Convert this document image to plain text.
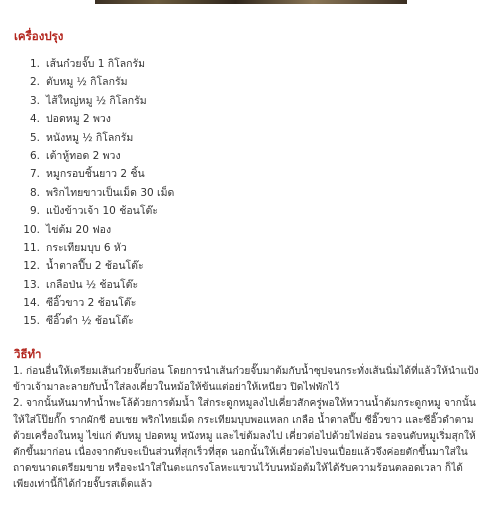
เครื่องปรุง
1. เส้นก๋วยจั๊บ 1 กิโลกรัม
2. ตับหมู ½ กิโลกรัม
3. ไส้ใหญ่หมู ½ กิโลกรัม
4. ปอดหมู 2 พวง
5. หนังหมู ½ กิโลกรัม
6. เต้าหู้ทอด 2 พวง
7. หมูกรอบชิ้นยาว 2 ชิ้น
8. พริกไทยขาวเป็นเม็ด 30 เม็ด
9. แป้งข้าวเจ้า 10 ช้อนโต๊ะ
10. ไข่ต้ม 20 ฟอง
11. กระเทียมบุบ 6 หัว
12. น้ำตาลปี๊บ 2 ช้อนโต๊ะ
13. เกลือป่น ½ ช้อนโต๊ะ
14. ซีอิ๊วขาว 2 ช้อนโต๊ะ
15. ซีอิ๊วดำ ½ ช้อนโต๊ะ
วิธีทำ

1. ก่อนอื่นให้เตรียมเส้นก๋วยจั๊บก่อน โดยการนำเส้นก๋วยจั๊บมาต้มกับน้ำซุปจนกระทั่งเส้นนิ่มได้ที่แล้วให้นำแป้งข้าวเจ้ามาละลายกับน้ำใส่ลงเคี่ยวในหม้อให้ข้นแต่อย่าให้เหนียว ปิดไฟพักไว้

2. จากนั้นหันมาทำน้ำพะโล้ด้วยการต้มน้ำ ใส่กระดูกหมูลงไปเคี่ยวสักครู่พอให้หวานน้ำต้มกระดูกหมู จากนั้นให้ใส่โป๊ยกั๊ก รากผักชี อบเชย พริกไทยเม็ด กระเทียมบุบพอแหลก เกลือ น้ำตาลปี๊บ ซีอิ๊วขาว และซีอิ๊วดำตามด้วยเครื่องในหมู ไข่แก่ ตับหมู ปอดหมู หนังหมู และไข่ต้มลงไป เคี่ยวต่อไปด้วยไฟอ่อน รอจนตับหมูเริ่มสุกให้ตักขึ้นมาก่อน เนื่องจากตับจะเป็นส่วนที่สุกเร็วที่สุด นอกนั้นให้เคี่ยวต่อไปจนเปื่อยแล้วจึงค่อยตักขึ้นมาใส่ในถาดขนาดเตรียมขาย หรือจะนำใส่ในตะแกรงโลหะแขวนไว้บนหม้อต้มให้ได้รับความร้อนตลอดเวลา ก็ได้เพียงเท่านี้ก็ได้ก๋วยจั๊บรสเด็ดแล้ว
